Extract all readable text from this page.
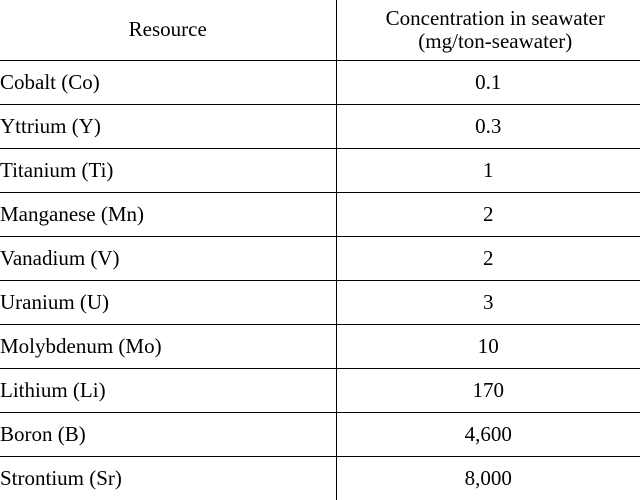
Resource	Concentration in seawater
(mg/ton-seawater)

Cobalt (Co)	0.1
Yttrium (Y)	0.3
Titanium (Ti)	1
Manganese (Mn)	2
Vanadium (V)	2
Uranium (U)	3
Molybdenum (Mo)	10
Lithium (Li)	170
Boron (B)	4,600
Strontium (Sr)	8,000
